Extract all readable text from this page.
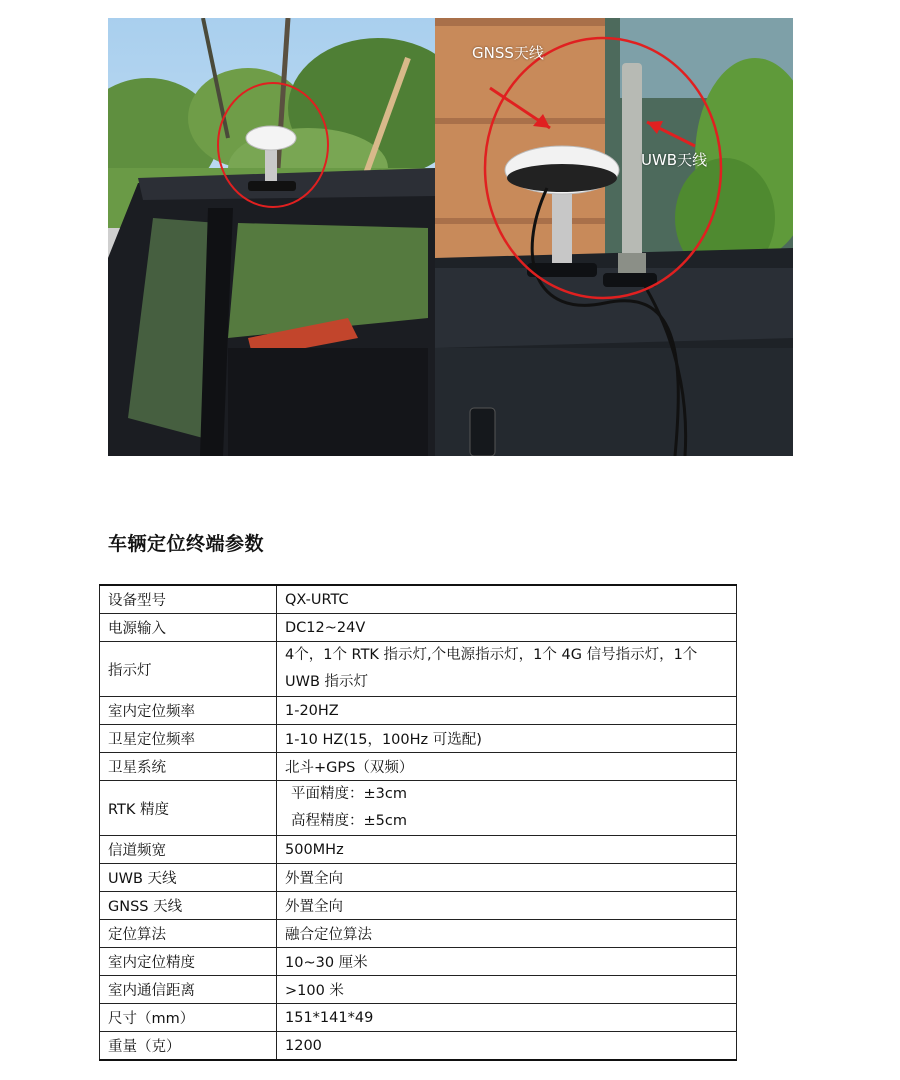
GNSS天线
UWB天线
车辆定位终端参数
设备型号	QX-URTC
电源输入	DC12~24V
指示灯	4个，1个 RTK 指示灯,个电源指示灯，1个 4G 信号指示灯，1个
UWB 指示灯

室内定位频率	1-20HZ
卫星定位频率	1-10 HZ(15，100Hz 可选配)
卫星系统	北斗+GPS（双频）
RTK 精度	平面精度：±3cm
高程精度：±5cm

信道频宽	500MHz
UWB 天线	外置全向
GNSS 天线	外置全向
定位算法	融合定位算法
室内定位精度	10~30 厘米
室内通信距离	>100 米
尺寸（mm）	151*141*49
重量（克）	1200
